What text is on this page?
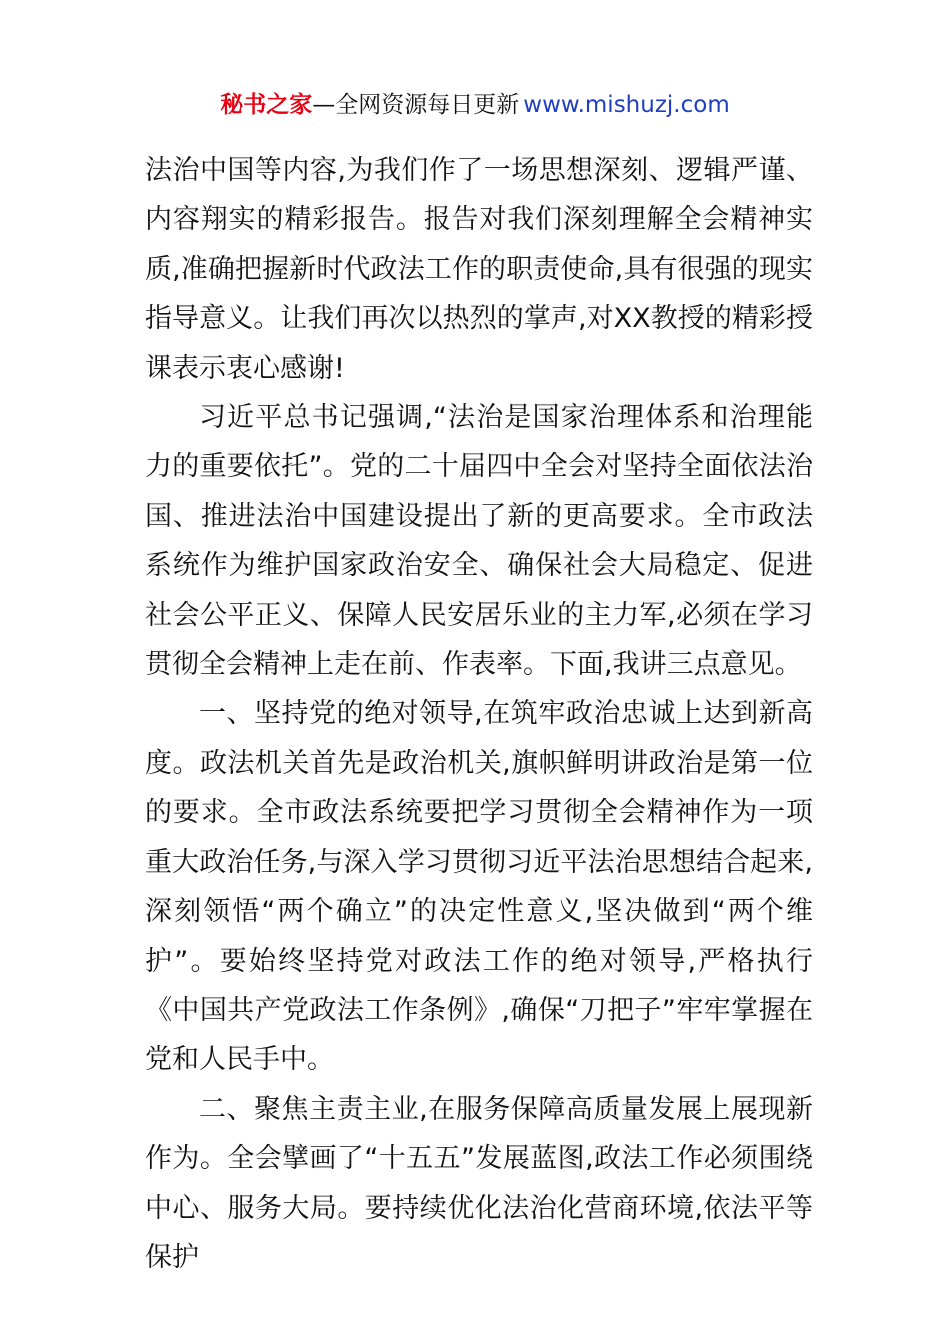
秘书之家—全网资源每日更新 www.mishuzj.com

法治中国等内容,为我们作了一场思想深刻、逻辑严谨、内容翔实的精彩报告。报告对我们深刻理解全会精神实质,准确把握新时代政法工作的职责使命,具有很强的现实指导意义。让我们再次以热烈的掌声,对XX教授的精彩授课表示衷心感谢!

习近平总书记强调,“法治是国家治理体系和治理能力的重要依托”。党的二十届四中全会对坚持全面依法治国、推进法治中国建设提出了新的更高要求。全市政法系统作为维护国家政治安全、确保社会大局稳定、促进社会公平正义、保障人民安居乐业的主力军,必须在学习贯彻全会精神上走在前、作表率。下面,我讲三点意见。

一、坚持党的绝对领导,在筑牢政治忠诚上达到新高度。政法机关首先是政治机关,旗帜鲜明讲政治是第一位的要求。全市政法系统要把学习贯彻全会精神作为一项重大政治任务,与深入学习贯彻习近平法治思想结合起来,深刻领悟“两个确立”的决定性意义,坚决做到“两个维护”。要始终坚持党对政法工作的绝对领导,严格执行《中国共产党政法工作条例》,确保“刀把子”牢牢掌握在党和人民手中。

二、聚焦主责主业,在服务保障高质量发展上展现新作为。全会擘画了“十五五”发展蓝图,政法工作必须围绕中心、服务大局。要持续优化法治化营商环境,依法平等保护
